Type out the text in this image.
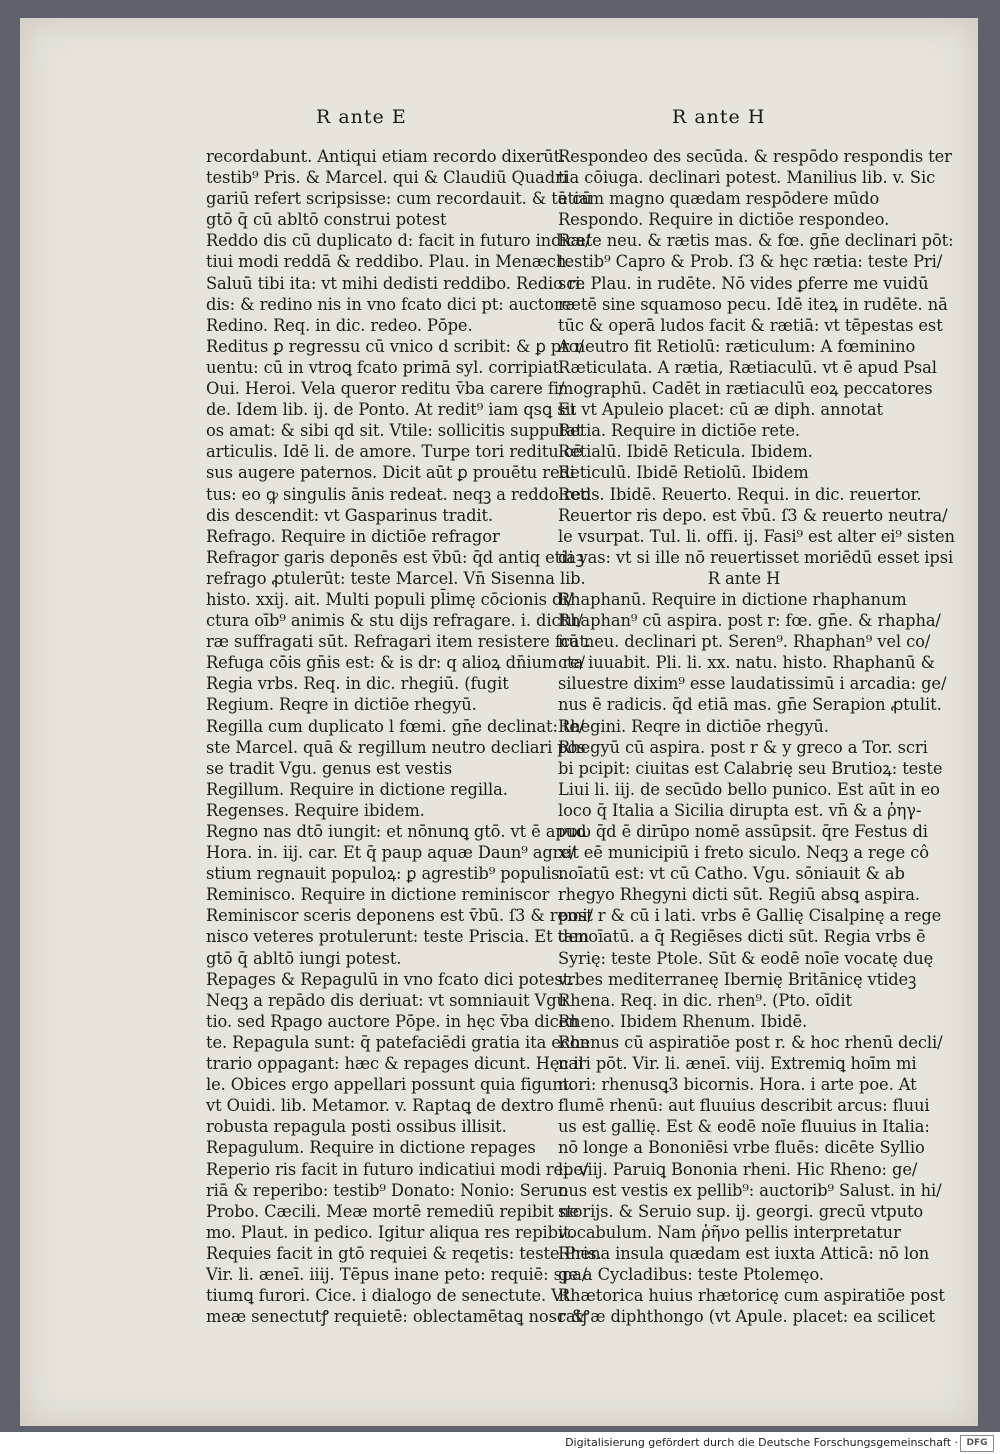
R ante E	R ante H
recordabunt. Antiqui etiam recordo dixerūt:
testib⁹ Pris. & Marcel. qui & Claudiū Quadri
gariū refert scripsisse: cum recordauit. & tā cū
gtō q̄ cū abltō construi potest
Reddo dis cū duplicato d: facit in futuro indica/
tiui modi reddā & reddibo. Plau. in Menæch.
Saluū tibi ita: vt mihi dedisti reddibo. Redio re
dis: & redino nis in vno fcato dici pt: auctore
Redino. Req. in dic. redeo. Pōpe.
Reditus ꝑ regressu cū vnico d scribit: & ꝑ pro/
uentu: cū in vtroꝗ fcato primā syl. corripiat.
Oui. Heroi. Vela queror reditu v̄ba carere fi/
de. Idem lib. ij. de Ponto. At redit⁹ iam qsꝗ su
os amat: & sibi qd sit. Vtile: sollicitis supputat
articulis. Idē li. de amore. Turpe tori reditu cē
sus augere paternos. Dicit aūt ꝑ prouētu redi
tus: eo ꝙ singulis ānis redeat. neqꝫ a reddo red
dis descendit: vt Gasparinus tradit.
Refrago. Require in dictiōe refragor
Refragor garis deponēs est v̄bū: q̄d antiq etiaꝫ
refrago ꝓtulerūt: teste Marcel. Vn̄ Sisenna lib.
histo. xxij. ait. Multi populi pl̄imę cōcionis di/
ctura oīb⁹ animis & stu dijs refragare. i. dictu/
ræ suffragati sūt. Refragari item resistere fcat.
Refuga cōis gn̄is est: & is dr: q alioꝝ dn̄ium re/
Regia vrbs. Req. in dic. rhegiū. (fugit
Regium. Reqre in dictiōe rhegyū.
Regilla cum duplicato l fœmi. gn̄e declinat: te/
ste Marcel. quā & regillum neutro decliari pos
se tradit Vgu. genus est vestis
Regillum. Require in dictione regilla.
Regenses. Require ibidem.
Regno nas dtō iungit: et nōnunꝗ gtō. vt ē apud
Hora. in. iij. car. Et q̄ paup aquæ Daun⁹ agre/
stium regnauit populoꝝ: ꝑ agrestib⁹ populis.
Reminisco. Require in dictione reminiscor
Reminiscor sceris deponens est v̄bū. ſ3 & remi/
nisco veteres protulerunt: teste Priscia. Et tam
gtō q̄ abltō iungi potest.
Repages & Repagulū in vno fcato dici potest.
Neqꝫ a repādo dis deriuat: vt somniauit Vgu
tio. sed Rpago auctore Pōpe. in hęc v̄ba dicen
te. Repagula sunt: q̄ patefaciēdi gratia ita econ
trario oppagant: hæc & repages dicunt. Hęc il
le. Obices ergo appellari possunt quia figunt.
vt Ouidi. lib. Metamor. v. Raptaꝗ de dextro
robusta repagula posti ossibus illisit.
Repagulum. Require in dictione repages
Reperio ris facit in futuro indicatiui modi repe/
riā & reperibo: testib⁹ Donato: Nonio: Seruo
Probo. Cæcili. Meæ mortē remediū repibit ne
mo. Plaut. in pedico. Igitur aliqua res repibit.
Requies facit in gtō requiei & reqetis: teste Pris.
Vir. li. æneī. iiij. Tēpus inane peto: requiē: spa/
tiumꝗ furori. Cice. i dialogo de senectute. Vt
meæ senectutꝭ requietē: oblectamētaꝗ noscatꝭ
Respondeo des secūda. & respōdo respondis ter
tia cōiuga. declinari potest. Manilius lib. v. Sic
etiam magno quædam respōdere mūdo
Respondo. Require in dictiōe respondeo.
Ræte neu. & rætis mas. & fœ. gn̄e declinari pōt:
testib⁹ Capro & Prob. ſ3 & hęc rætia: teste Pri/
sci. Plau. in rudēte. Nō vides ꝑferre me vuidū
rætē sine squamoso pecu. Idē iteꝝ in rudēte. nā
tūc & operā ludos facit & rætiā: vt tēpestas est
A neutro fit Retiolū: ræticulum: A fœminino
Ræticulata. A rætia, Rætiaculū. vt ē apud Psal
mographū. Cadēt in rætiaculū eoꝝ peccatores
Et vt Apuleio placet: cū æ diph. annotat
Retia. Require in dictiōe rete.
Retialū. Ibidē Reticula. Ibidem.
Reticulū. Ibidē Retiolū. Ibidem
Retis. Ibidē. Reuerto. Requi. in dic. reuertor.
Reuertor ris depo. est v̄bū. ſ3 & reuerto neutra/
le vsurpat. Tul. li. offi. ij. Fasi⁹ est alter ei⁹ sisten
di vas: vt si ille nō reuertisset moriēdū esset ipsi
R ante H
Rhaphanū. Require in dictione rhaphanum
Rhaphan⁹ cū aspira. post r: fœ. gn̄e. & rhapha/
nū neu. declinari pt. Seren⁹. Rhaphan⁹ vel co/
cta iuuabit. Pli. li. xx. natu. histo. Rhaphanū &
siluestre dixim⁹ esse laudatissimū i arcadia: ge/
nus ē radicis. q̄d etiā mas. gn̄e Serapion ꝓtulit.
Rhegini. Reqre in dictiōe rhegyū.
Rhegyū cū aspira. post r & y greco a Tor. scri
bi pcipit: ciuitas est Calabrię seu Brutioꝝ: teste
Liui li. iij. de secūdo bello punico. Est aūt in eo
loco q̄ Italia a Sicilia dirupta est. vn̄ & a ῥηγ-
νυω q̄d ē dirūpo nomē assūpsit. q̄re Festus di
xit eē municipiū i freto siculo. Neqꝫ a rege cô
noīatū est: vt cū Catho. Vgu. sōniauit & ab
rhegyo Rhegyni dicti sūt. Regiū absꝗ aspira.
post r & cū i lati. vrbs ē Gallię Cisalpinę a rege
denoīatū. a q̄ Regiēses dicti sūt. Regia vrbs ē
Syrię: teste Ptole. Sūt & eodē noīe vocatę duę
vrbes mediterraneę Ibernię Britānicę vtideꝫ
Rhena. Req. in dic. rhen⁹. (Pto. oīdit
Rheno. Ibidem Rhenum. Ibidē.
Rhenus cū aspiratiōe post r. & hoc rhenū decli/
nari pōt. Vir. li. æneī. viij. Extremiꝗ hoīm mi
nori: rhenusꝗ3 bicornis. Hora. i arte poe. At
flumē rhenū: aut fluuius describit arcus: fluui
us est gallię. Est & eodē noīe fluuius in Italia:
nō longe a Bononiēsi vrbe fluēs: dicēte Syllio
li. viij. Paruiꝗ Bononia rheni. Hic Rheno: ge/
nus est vestis ex pellib⁹: auctorib⁹ Salust. in hi/
storijs. & Seruio sup. ij. georgi. grecū vtputo
vocabulum. Nam ῥῆνο pellis interpretatur
Rhena insula quædam est iuxta Atticā: nō lon
ge a Cycladibus: teste Ptolemęo.
Rhætorica huius rhætoricę cum aspiratiōe post
r & æ diphthongo (vt Apule. placet: ea scilicet
Digitalisierung gefördert durch die Deutsche Forschungsgemeinschaft · DFG
